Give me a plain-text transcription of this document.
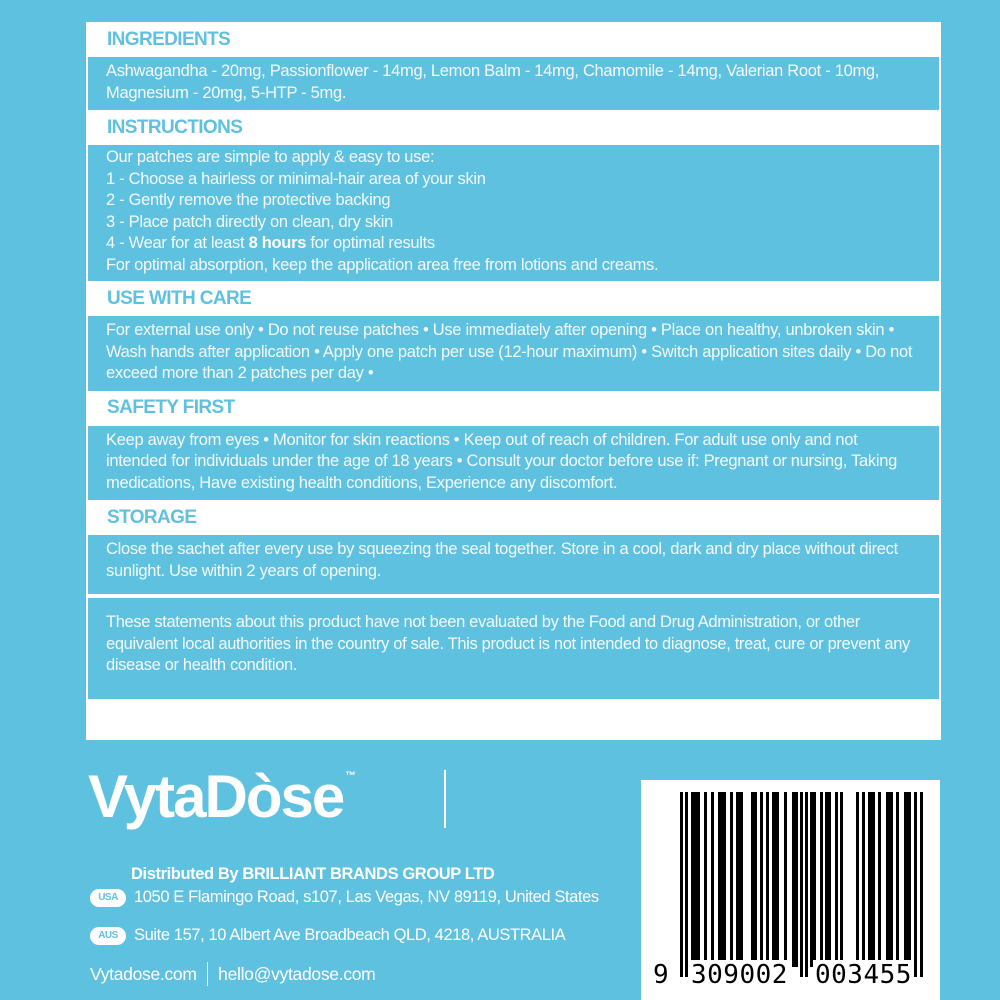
INGREDIENTS
Ashwagandha - 20mg, Passionflower - 14mg, Lemon Balm - 14mg, Chamomile - 14mg, Valerian Root - 10mg, Magnesium - 20mg, 5-HTP - 5mg.
INSTRUCTIONS
Our patches are simple to apply & easy to use:
1 - Choose a hairless or minimal-hair area of your skin
2 - Gently remove the protective backing
3 - Place patch directly on clean, dry skin
4 - Wear for at least 8 hours for optimal results
For optimal absorption, keep the application area free from lotions and creams.
USE WITH CARE
For external use only • Do not reuse patches • Use immediately after opening • Place on healthy, unbroken skin • Wash hands after application • Apply one patch per use (12-hour maximum) • Switch application sites daily • Do not exceed more than 2 patches per day •
SAFETY FIRST
Keep away from eyes • Monitor for skin reactions • Keep out of reach of children. For adult use only and not intended for individuals under the age of 18 years • Consult your doctor before use if: Pregnant or nursing, Taking medications, Have existing health conditions, Experience any discomfort.
STORAGE
Close the sachet after every use by squeezing the seal together. Store in a cool, dark and dry place without direct sunlight. Use within 2 years of opening.
These statements about this product have not been evaluated by the Food and Drug Administration, or other equivalent local authorities in the country of sale. This product is not intended to diagnose, treat, cure or prevent any disease or health condition.
VytaDòse ™
Distributed By BRILLIANT BRANDS GROUP LTD
USA 1050 E Flamingo Road, s107, Las Vegas, NV 89119, United States
AUS Suite 157, 10 Albert Ave Broadbeach QLD, 4218, AUSTRALIA
Vytadose.com hello@vytadose.com	9 309002 003455
